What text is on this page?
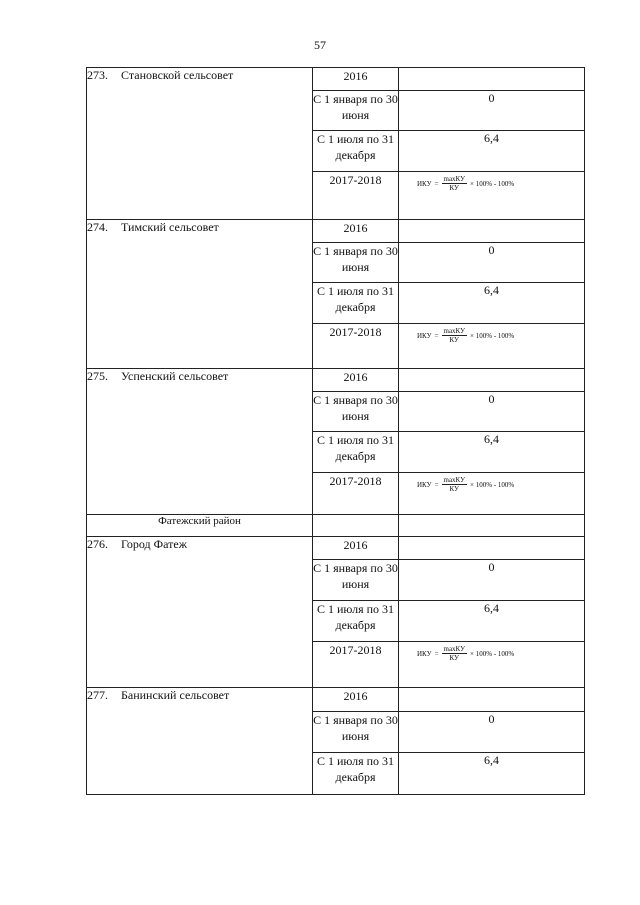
57
273. Становской сельсовет	2016	
	С 1 января по 30 июня	0
	С 1 июля по 31 декабря	6,4
	2017-2018	ИКУ = $\frac{\max КУ}{КУ} \times 100\% - 100\%$

274. Тимский сельсовет	2016	
	С 1 января по 30 июня	0
	С 1 июля по 31 декабря	6,4
	2017-2018	ИКУ = $\frac{\max КУ}{КУ} \times 100\% - 100\%$

275. Успенский сельсовет	2016	
	С 1 января по 30 июня	0
	С 1 июля по 31 декабря	6,4
	2017-2018	ИКУ = $\frac{\max КУ}{КУ} \times 100\% - 100\%$

Фатежский район		
276. Город Фатеж	2016	
	С 1 января по 30 июня	0
	С 1 июля по 31 декабря	6,4
	2017-2018	ИКУ = $\frac{\max КУ}{КУ} \times 100\% - 100\%$

277. Банинский сельсовет	2016	
	С 1 января по 30 июня	0
	С 1 июля по 31 декабря	6,4
